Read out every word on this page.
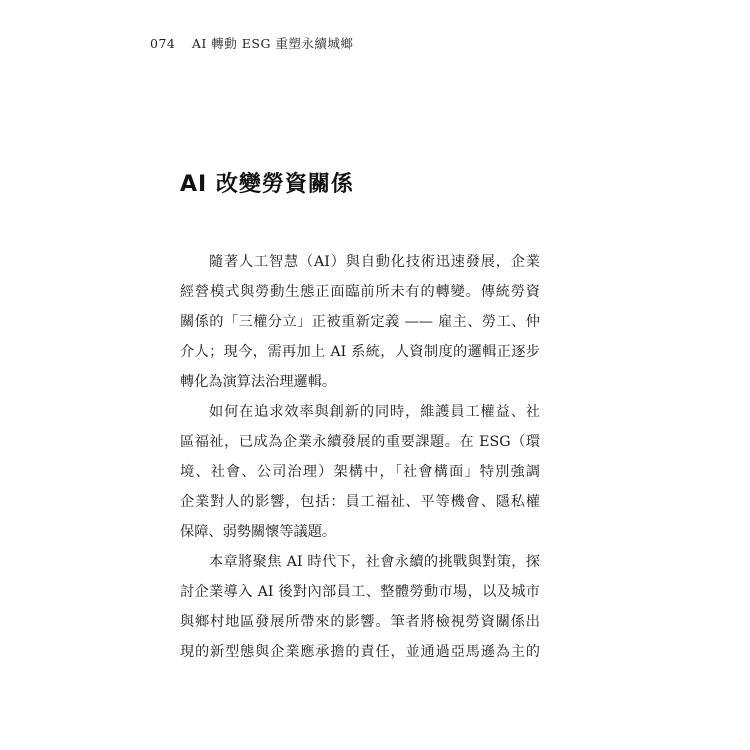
074 AI 轉動 ESG 重塑永續城鄉
AI 改變勞資關係

隨著人工智慧（AI）與自動化技術迅速發展，企業
經營模式與勞動生態正面臨前所未有的轉變。傳統勞資
關係的「三權分立」正被重新定義 —— 雇主、勞工、仲
介人；現今，需再加上 AI 系統，人資制度的邏輯正逐步
轉化為演算法治理邏輯。

如何在追求效率與創新的同時，維護員工權益、社
區福祉，已成為企業永續發展的重要課題。在 ESG（環
境、社會、公司治理）架構中，「社會構面」特別強調
企業對人的影響，包括：員工福祉、平等機會、隱私權
保障、弱勢關懷等議題。

本章將聚焦 AI 時代下，社會永續的挑戰與對策，探
討企業導入 AI 後對內部員工、整體勞動市場，以及城市
與鄉村地區發展所帶來的影響。筆者將檢視勞資關係出
現的新型態與企業應承擔的責任，並通過亞馬遜為主的
